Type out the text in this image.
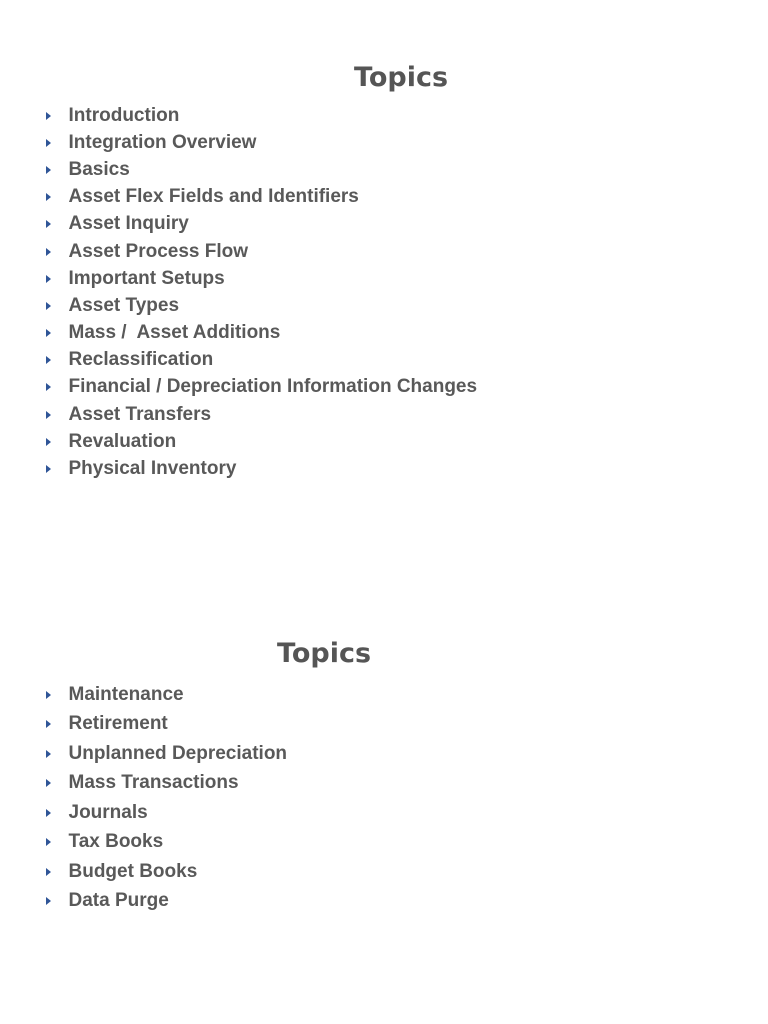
Topics
Introduction
Integration Overview
Basics
Asset Flex Fields and Identifiers
Asset Inquiry
Asset Process Flow
Important Setups
Asset Types
Mass /  Asset Additions
Reclassification
Financial / Depreciation Information Changes
Asset Transfers
Revaluation
Physical Inventory
Topics
Maintenance
Retirement
Unplanned Depreciation
Mass Transactions
Journals
Tax Books
Budget Books
Data Purge
